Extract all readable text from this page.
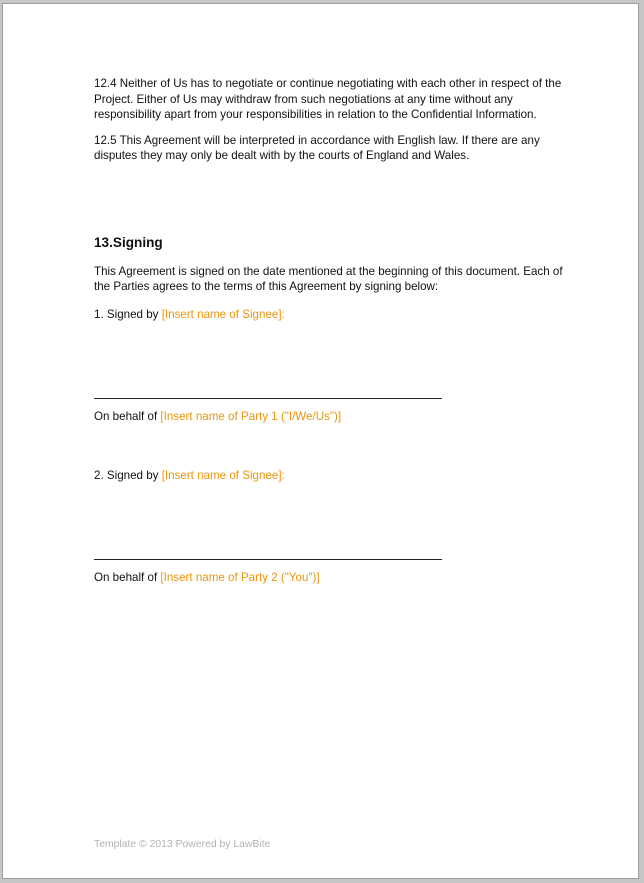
12.4 Neither of Us has to negotiate or continue negotiating with each other in respect of the Project. Either of Us may withdraw from such negotiations at any time without any responsibility apart from your responsibilities in relation to the Confidential Information.

12.5 This Agreement will be interpreted in accordance with English law. If there are any disputes they may only be dealt with by the courts of England and Wales.

13.Signing

This Agreement is signed on the date mentioned at the beginning of this document. Each of the Parties agrees to the terms of this Agreement by signing below:

1. Signed by [Insert name of Signee]:

On behalf of [Insert name of Party 1 ("I/We/Us")]

2. Signed by [Insert name of Signee]:

On behalf of [Insert name of Party 2 ("You")]

Template © 2013 Powered by LawBite
